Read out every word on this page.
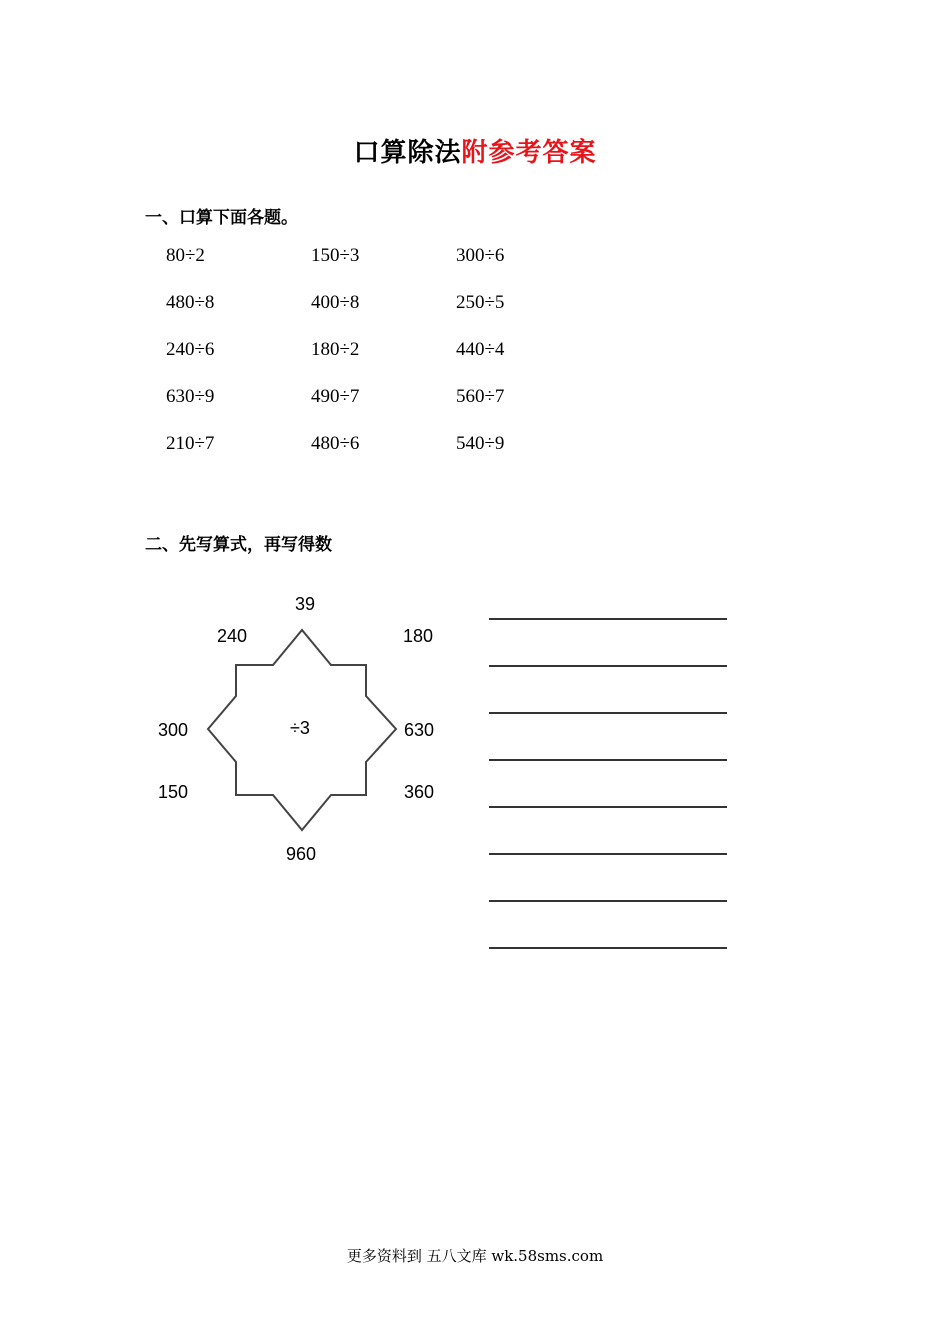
口算除法附参考答案
一、口算下面各题。
80÷2	150÷3	300÷6
480÷8	400÷8	250÷5
240÷6	180÷2	440÷4
630÷9	490÷7	560÷7
210÷7	480÷6	540÷9
二、先写算式，再写得数
39
240	180
300	630
150	360
960
÷3
更多资料到 五八文库 wk.58sms.com
